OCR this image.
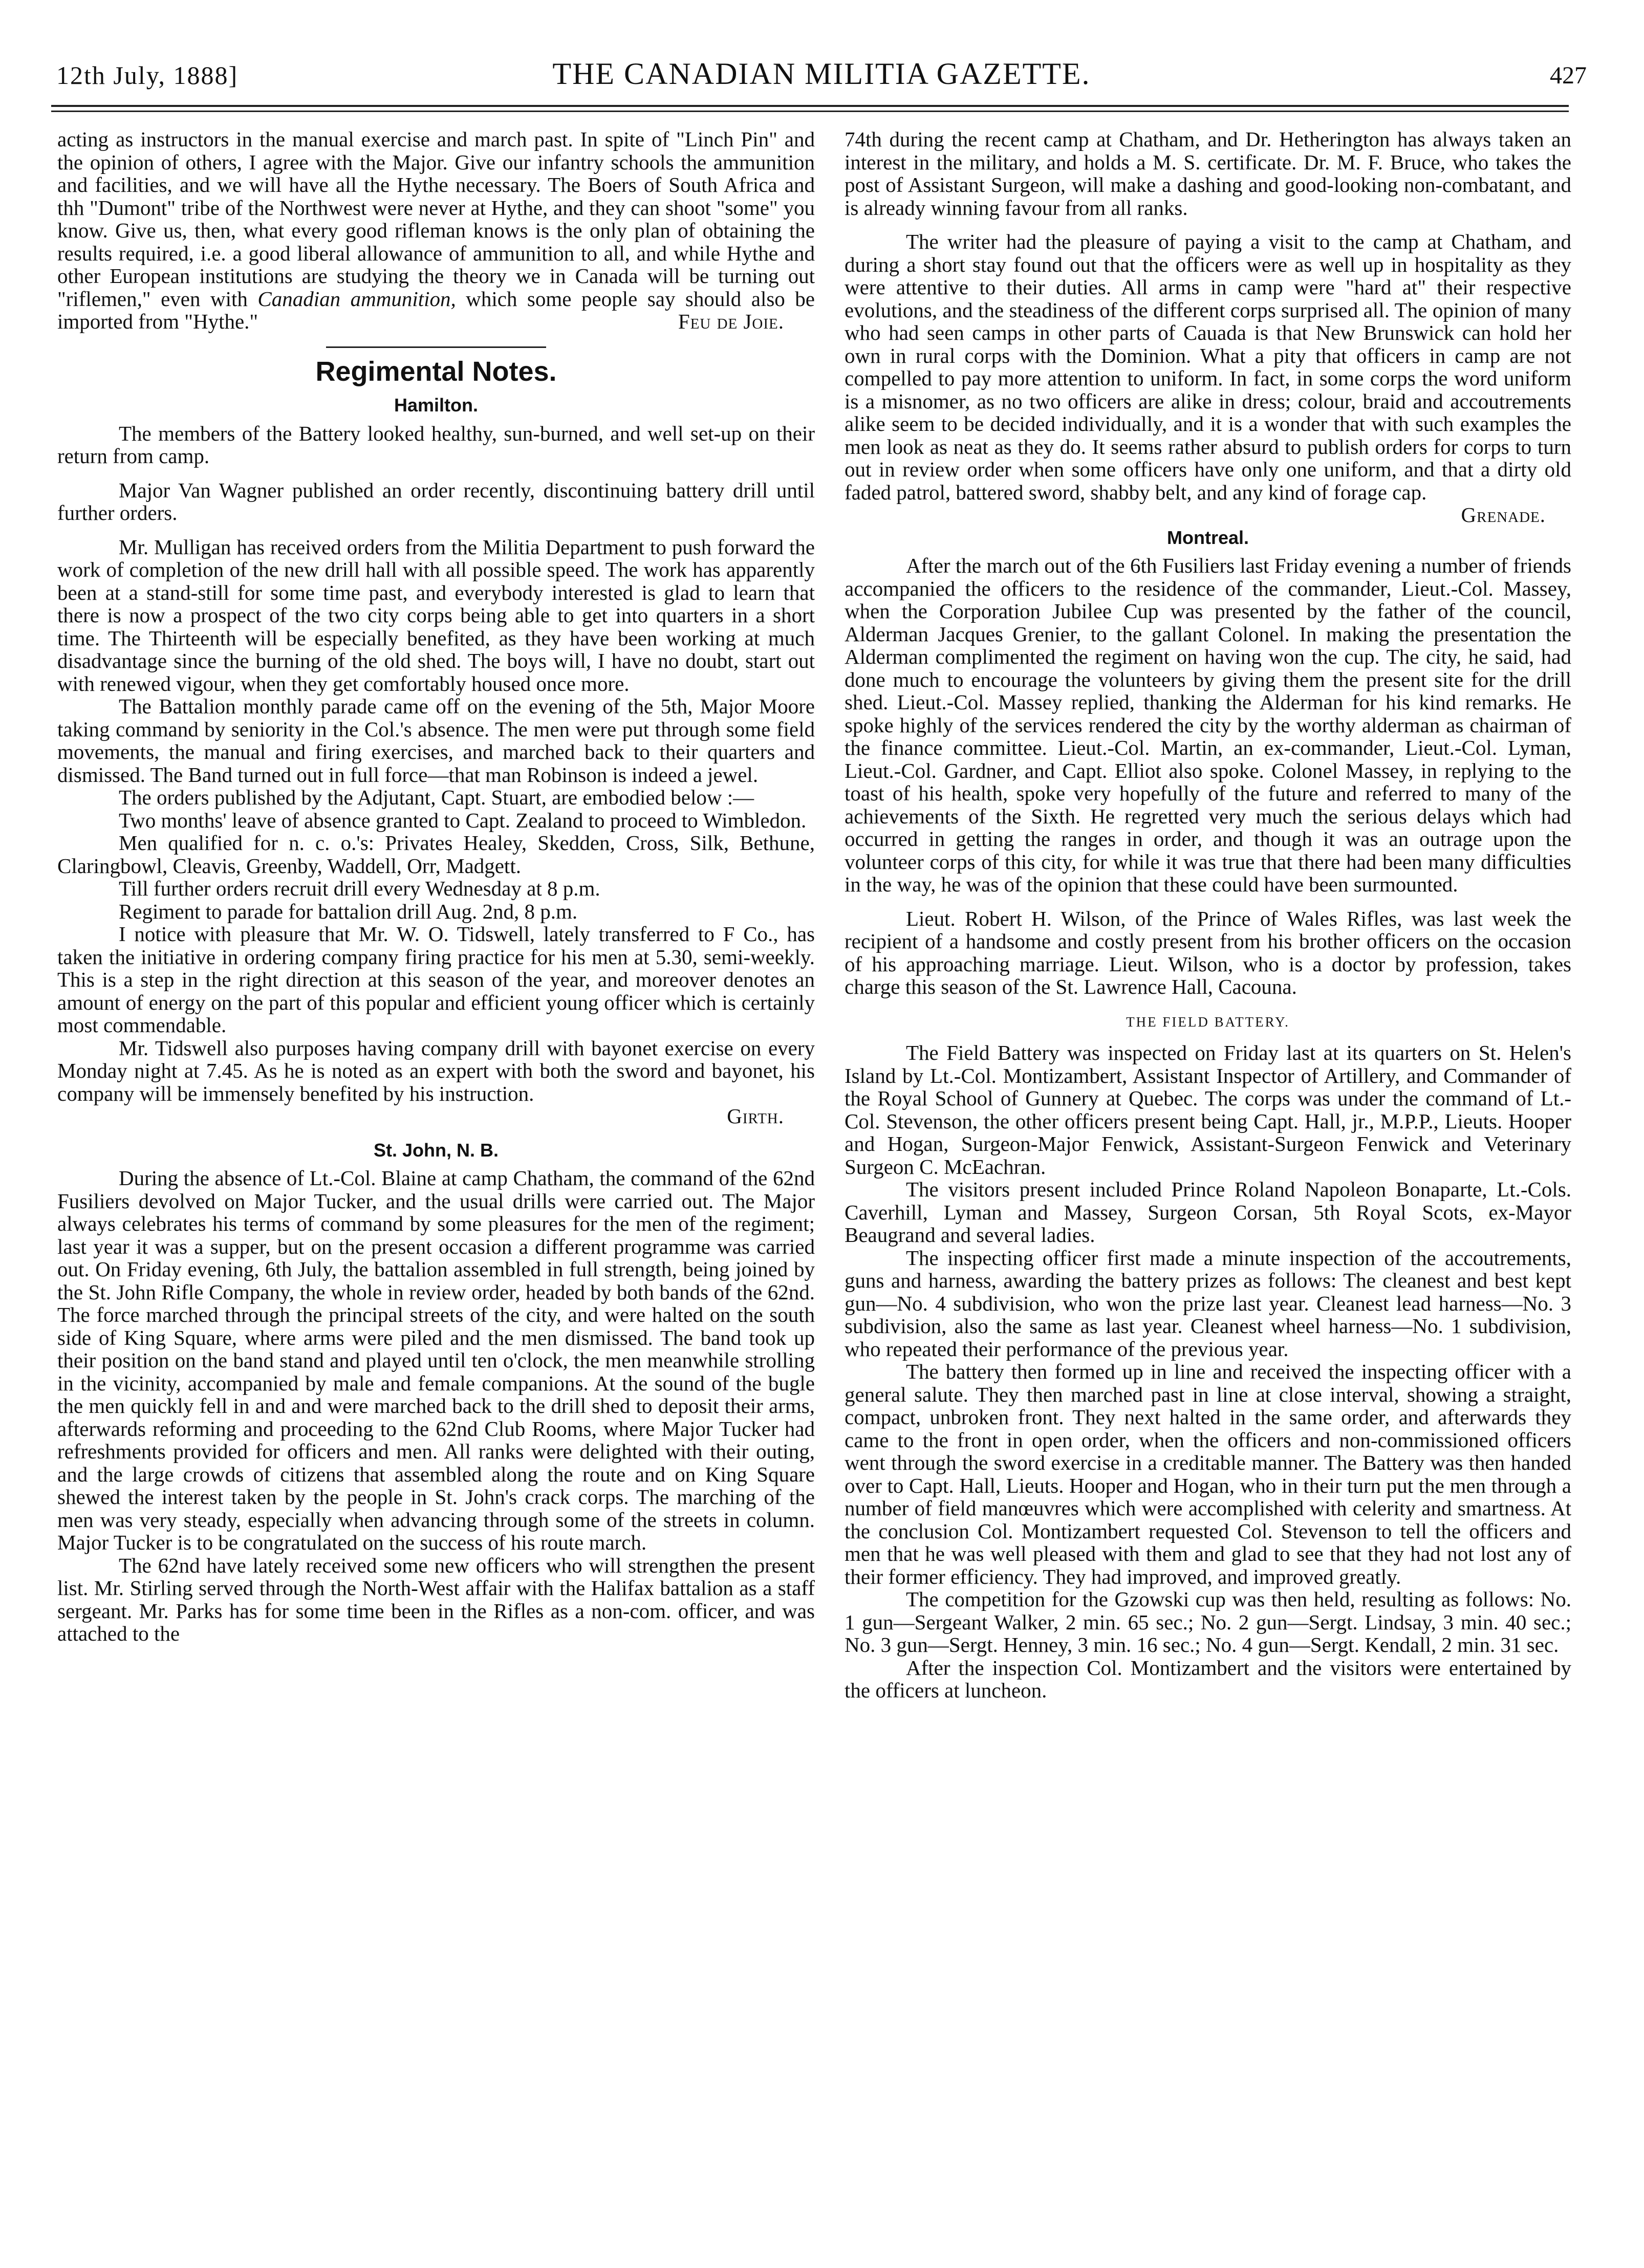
12th July, 1888]	THE CANADIAN MILITIA GAZETTE.	427

acting as instructors in the manual exercise and march past. In spite of "Linch Pin" and the opinion of others, I agree with the Major. Give our infantry schools the ammunition and facilities, and we will have all the Hythe necessary. The Boers of South Africa and thh "Dumont" tribe of the Northwest were never at Hythe, and they can shoot "some" you know. Give us, then, what every good rifleman knows is the only plan of obtaining the results required, i.e. a good liberal allowance of ammunition to all, and while Hythe and other European institutions are studying the theory we in Canada will be turning out "riflemen," even with Canadian ammunition, which some people say should also be imported from "Hythe."	Feu de Joie.

Regimental Notes.
Hamilton.

The members of the Battery looked healthy, sun-burned, and well set-up on their return from camp.

Major Van Wagner published an order recently, discontinuing battery drill until further orders.

Mr. Mulligan has received orders from the Militia Department to push forward the work of completion of the new drill hall with all possible speed. The work has apparently been at a stand-still for some time past, and everybody interested is glad to learn that there is now a prospect of the two city corps being able to get into quarters in a short time. The Thirteenth will be especially benefited, as they have been working at much disadvantage since the burning of the old shed. The boys will, I have no doubt, start out with renewed vigour, when they get comfortably housed once more.

The Battalion monthly parade came off on the evening of the 5th, Major Moore taking command by seniority in the Col.'s absence. The men were put through some field movements, the manual and firing exercises, and marched back to their quarters and dismissed. The Band turned out in full force—that man Robinson is indeed a jewel.

The orders published by the Adjutant, Capt. Stuart, are embodied below :—

Two months' leave of absence granted to Capt. Zealand to proceed to Wimbledon.

Men qualified for n. c. o.'s: Privates Healey, Skedden, Cross, Silk, Bethune, Claringbowl, Cleavis, Greenby, Waddell, Orr, Madgett.

Till further orders recruit drill every Wednesday at 8 p.m.

Regiment to parade for battalion drill Aug. 2nd, 8 p.m.

I notice with pleasure that Mr. W. O. Tidswell, lately transferred to F Co., has taken the initiative in ordering company firing practice for his men at 5.30, semi-weekly. This is a step in the right direction at this season of the year, and moreover denotes an amount of energy on the part of this popular and efficient young officer which is certainly most commendable.

Mr. Tidswell also purposes having company drill with bayonet exercise on every Monday night at 7.45. As he is noted as an expert with both the sword and bayonet, his company will be immensely benefited by his instruction.

Girth.
St. John, N. B.

During the absence of Lt.-Col. Blaine at camp Chatham, the command of the 62nd Fusiliers devolved on Major Tucker, and the usual drills were carried out. The Major always celebrates his terms of command by some pleasures for the men of the regiment; last year it was a supper, but on the present occasion a different programme was carried out. On Friday evening, 6th July, the battalion assembled in full strength, being joined by the St. John Rifle Company, the whole in review order, headed by both bands of the 62nd. The force marched through the principal streets of the city, and were halted on the south side of King Square, where arms were piled and the men dismissed. The band took up their position on the band stand and played until ten o'clock, the men meanwhile strolling in the vicinity, accompanied by male and female companions. At the sound of the bugle the men quickly fell in and and were marched back to the drill shed to deposit their arms, afterwards reforming and proceeding to the 62nd Club Rooms, where Major Tucker had refreshments provided for officers and men. All ranks were delighted with their outing, and the large crowds of citizens that assembled along the route and on King Square shewed the interest taken by the people in St. John's crack corps. The marching of the men was very steady, especially when advancing through some of the streets in column. Major Tucker is to be congratulated on the success of his route march.

The 62nd have lately received some new officers who will strengthen the present list. Mr. Stirling served through the North-West affair with the Halifax battalion as a staff sergeant. Mr. Parks has for some time been in the Rifles as a non-com. officer, and was attached to the

74th during the recent camp at Chatham, and Dr. Hetherington has always taken an interest in the military, and holds a M. S. certificate. Dr. M. F. Bruce, who takes the post of Assistant Surgeon, will make a dashing and good-looking non-combatant, and is already winning favour from all ranks.

The writer had the pleasure of paying a visit to the camp at Chatham, and during a short stay found out that the officers were as well up in hospitality as they were attentive to their duties. All arms in camp were "hard at" their respective evolutions, and the steadiness of the different corps surprised all. The opinion of many who had seen camps in other parts of Cauada is that New Brunswick can hold her own in rural corps with the Dominion. What a pity that officers in camp are not compelled to pay more attention to uniform. In fact, in some corps the word uniform is a misnomer, as no two officers are alike in dress; colour, braid and accoutrements alike seem to be decided individually, and it is a wonder that with such examples the men look as neat as they do. It seems rather absurd to publish orders for corps to turn out in review order when some officers have only one uniform, and that a dirty old faded patrol, battered sword, shabby belt, and any kind of forage cap.

Grenade.
Montreal.

After the march out of the 6th Fusiliers last Friday evening a number of friends accompanied the officers to the residence of the commander, Lieut.-Col. Massey, when the Corporation Jubilee Cup was presented by the father of the council, Alderman Jacques Grenier, to the gallant Colonel. In making the presentation the Alderman complimented the regiment on having won the cup. The city, he said, had done much to encourage the volunteers by giving them the present site for the drill shed. Lieut.-Col. Massey replied, thanking the Alderman for his kind remarks. He spoke highly of the services rendered the city by the worthy alderman as chairman of the finance committee. Lieut.-Col. Martin, an ex-commander, Lieut.-Col. Lyman, Lieut.-Col. Gardner, and Capt. Elliot also spoke. Colonel Massey, in replying to the toast of his health, spoke very hopefully of the future and referred to many of the achievements of the Sixth. He regretted very much the serious delays which had occurred in getting the ranges in order, and though it was an outrage upon the volunteer corps of this city, for while it was true that there had been many difficulties in the way, he was of the opinion that these could have been surmounted.

Lieut. Robert H. Wilson, of the Prince of Wales Rifles, was last week the recipient of a handsome and costly present from his brother officers on the occasion of his approaching marriage. Lieut. Wilson, who is a doctor by profession, takes charge this season of the St. Lawrence Hall, Cacouna.

THE FIELD BATTERY.

The Field Battery was inspected on Friday last at its quarters on St. Helen's Island by Lt.-Col. Montizambert, Assistant Inspector of Artillery, and Commander of the Royal School of Gunnery at Quebec. The corps was under the command of Lt.-Col. Stevenson, the other officers present being Capt. Hall, jr., M.P.P., Lieuts. Hooper and Hogan, Surgeon-Major Fenwick, Assistant-Surgeon Fenwick and Veterinary Surgeon C. McEachran.

The visitors present included Prince Roland Napoleon Bonaparte, Lt.-Cols. Caverhill, Lyman and Massey, Surgeon Corsan, 5th Royal Scots, ex-Mayor Beaugrand and several ladies.

The inspecting officer first made a minute inspection of the accoutrements, guns and harness, awarding the battery prizes as follows: The cleanest and best kept gun—No. 4 subdivision, who won the prize last year. Cleanest lead harness—No. 3 subdivision, also the same as last year. Cleanest wheel harness—No. 1 subdivision, who repeated their performance of the previous year.

The battery then formed up in line and received the inspecting officer with a general salute. They then marched past in line at close interval, showing a straight, compact, unbroken front. They next halted in the same order, and afterwards they came to the front in open order, when the officers and non-commissioned officers went through the sword exercise in a creditable manner. The Battery was then handed over to Capt. Hall, Lieuts. Hooper and Hogan, who in their turn put the men through a number of field manœuvres which were accomplished with celerity and smartness. At the conclusion Col. Montizambert requested Col. Stevenson to tell the officers and men that he was well pleased with them and glad to see that they had not lost any of their former efficiency. They had improved, and improved greatly.

The competition for the Gzowski cup was then held, resulting as follows: No. 1 gun—Sergeant Walker, 2 min. 65 sec.; No. 2 gun—Sergt. Lindsay, 3 min. 40 sec.; No. 3 gun—Sergt. Henney, 3 min. 16 sec.; No. 4 gun—Sergt. Kendall, 2 min. 31 sec.

After the inspection Col. Montizambert and the visitors were entertained by the officers at luncheon.
